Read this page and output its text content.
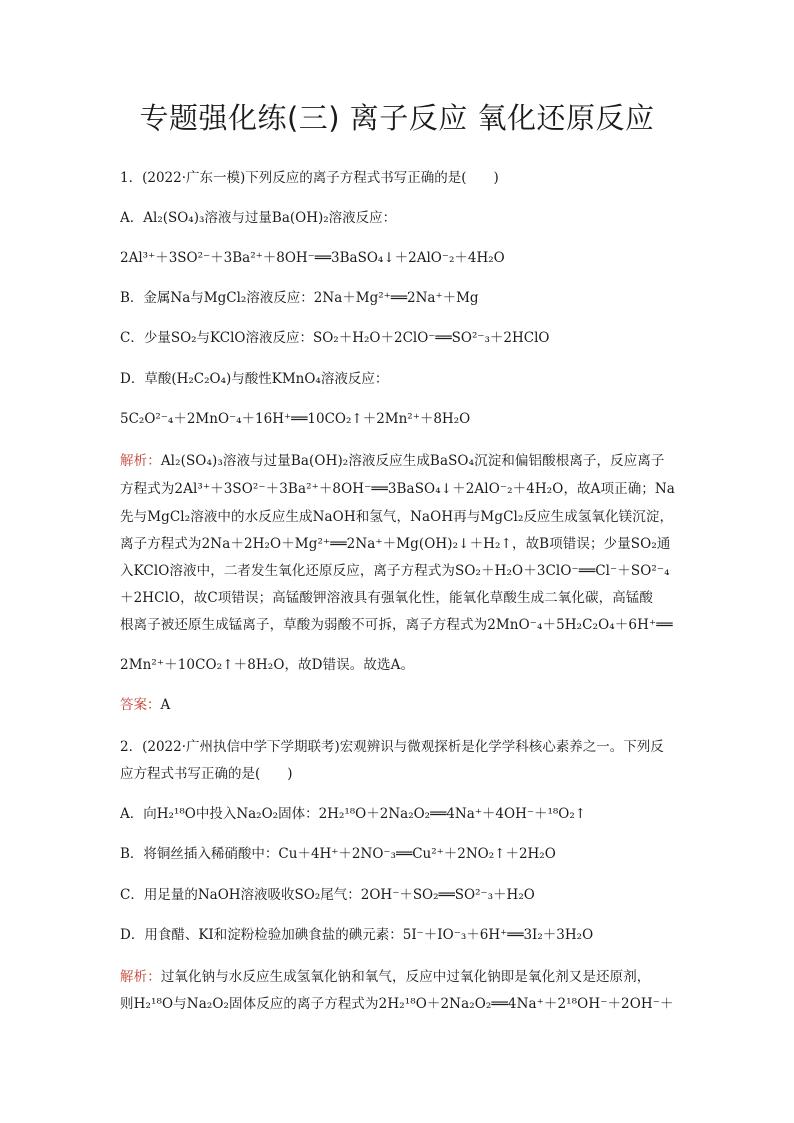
专题强化练(三) 离子反应 氧化还原反应
1．(2022·广东一模)下列反应的离子方程式书写正确的是(　　)
A．Al₂(SO₄)₃溶液与过量Ba(OH)₂溶液反应：
2Al³⁺＋3SO²⁻＋3Ba²⁺＋8OH⁻══3BaSO₄↓＋2AlO⁻₂＋4H₂O
B．金属Na与MgCl₂溶液反应：2Na＋Mg²⁺══2Na⁺＋Mg
C．少量SO₂与KClO溶液反应：SO₂＋H₂O＋2ClO⁻══SO²⁻₃＋2HClO
D．草酸(H₂C₂O₄)与酸性KMnO₄溶液反应：
5C₂O²⁻₄＋2MnO⁻₄＋16H⁺══10CO₂↑＋2Mn²⁺＋8H₂O
解析：Al₂(SO₄)₃溶液与过量Ba(OH)₂溶液反应生成BaSO₄沉淀和偏铝酸根离子，反应离子
方程式为2Al³⁺＋3SO²⁻＋3Ba²⁺＋8OH⁻══3BaSO₄↓＋2AlO⁻₂＋4H₂O，故A项正确；Na
先与MgCl₂溶液中的水反应生成NaOH和氢气，NaOH再与MgCl₂反应生成氢氧化镁沉淀，
离子方程式为2Na＋2H₂O＋Mg²⁺══2Na⁺＋Mg(OH)₂↓＋H₂↑，故B项错误；少量SO₂通
入KClO溶液中，二者发生氧化还原反应，离子方程式为SO₂＋H₂O＋3ClO⁻══Cl⁻＋SO²⁻₄
＋2HClO，故C项错误；高锰酸钾溶液具有强氧化性，能氧化草酸生成二氧化碳，高锰酸
根离子被还原生成锰离子，草酸为弱酸不可拆，离子方程式为2MnO⁻₄＋5H₂C₂O₄＋6H⁺══
2Mn²⁺＋10CO₂↑＋8H₂O，故D错误。故选A。
答案：A
2．(2022·广州执信中学下学期联考)宏观辨识与微观探析是化学学科核心素养之一。下列反
应方程式书写正确的是(　　)
A．向H₂¹⁸O中投入Na₂O₂固体：2H₂¹⁸O＋2Na₂O₂══4Na⁺＋4OH⁻＋¹⁸O₂↑
B．将铜丝插入稀硝酸中：Cu＋4H⁺＋2NO⁻₃══Cu²⁺＋2NO₂↑＋2H₂O
C．用足量的NaOH溶液吸收SO₂尾气：2OH⁻＋SO₂══SO²⁻₃＋H₂O
D．用食醋、KI和淀粉检验加碘食盐的碘元素：5I⁻＋IO⁻₃＋6H⁺══3I₂＋3H₂O
解析：过氧化钠与水反应生成氢氧化钠和氧气，反应中过氧化钠即是氧化剂又是还原剂，
则H₂¹⁸O与Na₂O₂固体反应的离子方程式为2H₂¹⁸O＋2Na₂O₂══4Na⁺＋2¹⁸OH⁻＋2OH⁻＋
